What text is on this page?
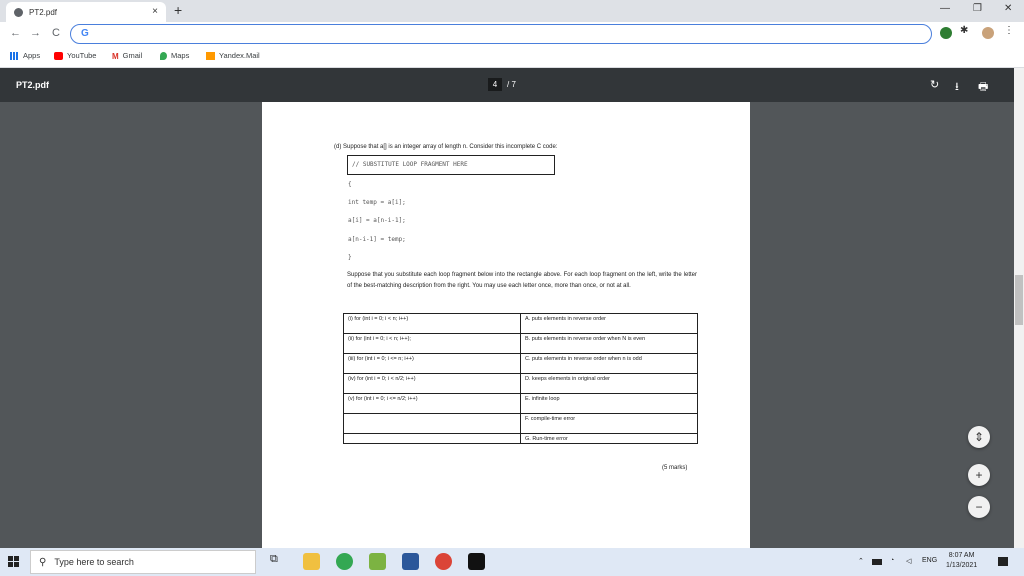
PT2.pdf	× +	— ❐ ✕
← → C G	✱	⋮
Apps	YouTube M Gmail	Maps	Yandex.Mail
PT2.pdf	4	/ 7	↻ ⭳ 🖶
(d) Suppose that a[] is an integer array of length n. Consider this incomplete C code:
// SUBSTITUTE LOOP FRAGMENT HERE
{
int temp = a[i];
a[i] = a[n-i-1];
a[n-i-1] = temp;
}
Suppose that you substitute each loop fragment below into the rectangle above. For each loop fragment on the left, write the letter of the best-matching description from the right. You may use each letter once, more than once, or not at all.
(i) for (int i = 0; i < n; i++)	A. puts elements in reverse order
(ii) for (int i = 0; i < n; i++);	B. puts elements in reverse order when N is even
(iii) for (int i = 0; i <= n; i++)	C. puts elements in reverse order when n is odd
(iv) for (int i = 0; i < n/2; i++)	D. keeps elements in original order
(v) for (int i = 0; i <= n/2; i++)	E. infinite loop
	F. compile-time error
	G. Run-time error
(5 marks)
⇕
+
−
⚲ Type here to search	⧉	⌃	◔ ◁ ENG
8:07 AM
1/13/2021
